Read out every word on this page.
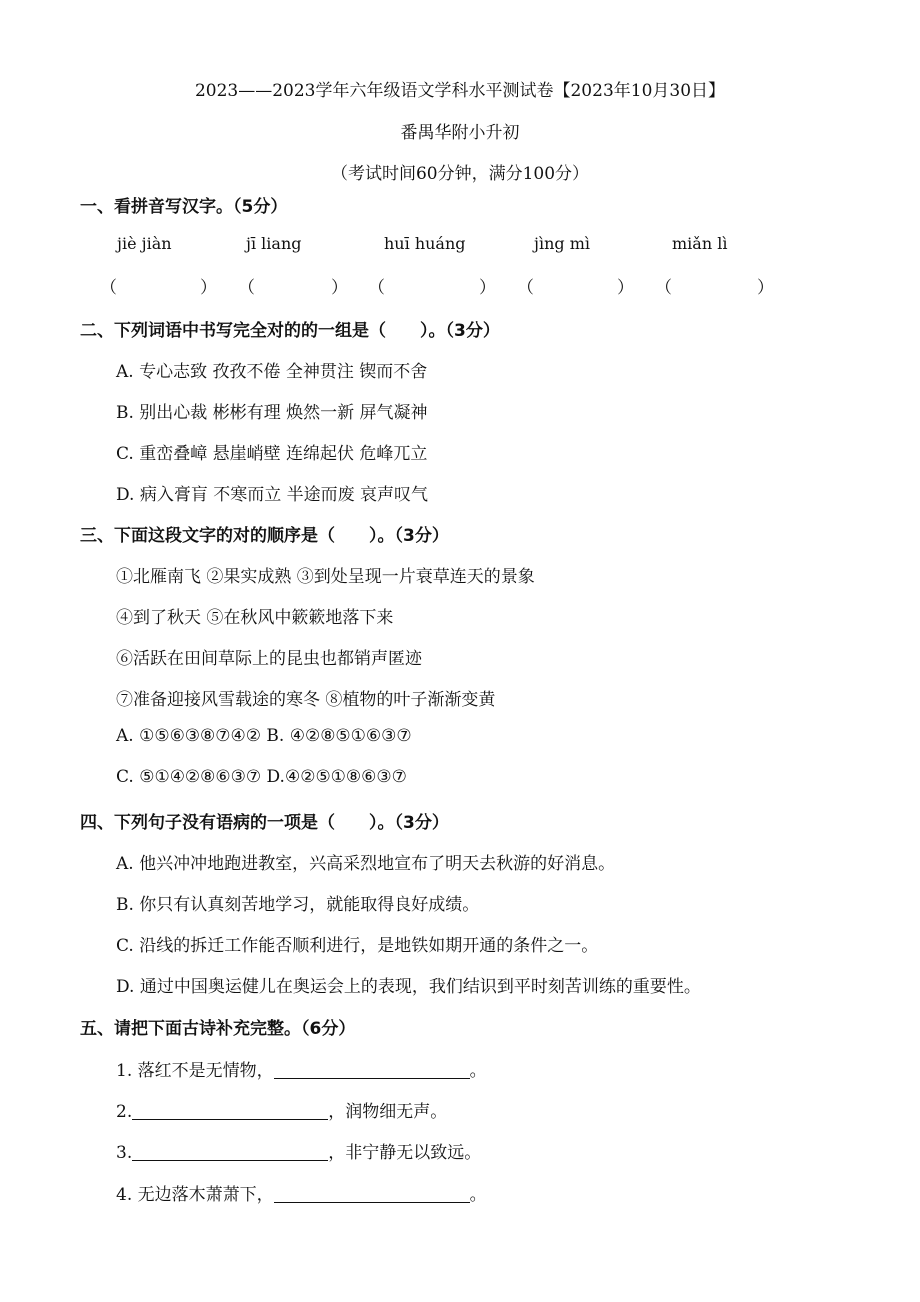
2023——2023学年六年级语文学科水平测试卷【2023年10月30日】
番禺华附小升初
（考试时间60分钟，满分100分）
一、看拼音写汉字。（5分）
jiè jiàn	jī liang	huī huáng	jìng mì	miǎn lì
（	） （	） （	） （	） （	）
二、下列词语中书写完全对的的一组是（　　）。（3分）
A. 专心志致 孜孜不倦 全神贯注 锲而不舍
B. 别出心裁 彬彬有理 焕然一新 屏气凝神
C. 重峦叠嶂 悬崖峭壁 连绵起伏 危峰兀立
D. 病入膏肓 不寒而立 半途而废 哀声叹气
三、下面这段文字的对的顺序是（　　）。（3分）
①北雁南飞 ②果实成熟 ③到处呈现一片衰草连天的景象
④到了秋天 ⑤在秋风中簌簌地落下来
⑥活跃在田间草际上的昆虫也都销声匿迹
⑦准备迎接风雪载途的寒冬 ⑧植物的叶子渐渐变黄
A. ①⑤⑥③⑧⑦④② B. ④②⑧⑤①⑥③⑦
C. ⑤①④②⑧⑥③⑦ D.④②⑤①⑧⑥③⑦
四、下列句子没有语病的一项是（　　）。（3分）
A. 他兴冲冲地跑进教室，兴高采烈地宣布了明天去秋游的好消息。
B. 你只有认真刻苦地学习，就能取得良好成绩。
C. 沿线的拆迁工作能否顺利进行，是地铁如期开通的条件之一。
D. 通过中国奥运健儿在奥运会上的表现，我们结识到平时刻苦训练的重要性。
五、请把下面古诗补充完整。（6分）
1. 落红不是无情物，	。
2.	，润物细无声。
3.	，非宁静无以致远。
4. 无边落木萧萧下，	。
